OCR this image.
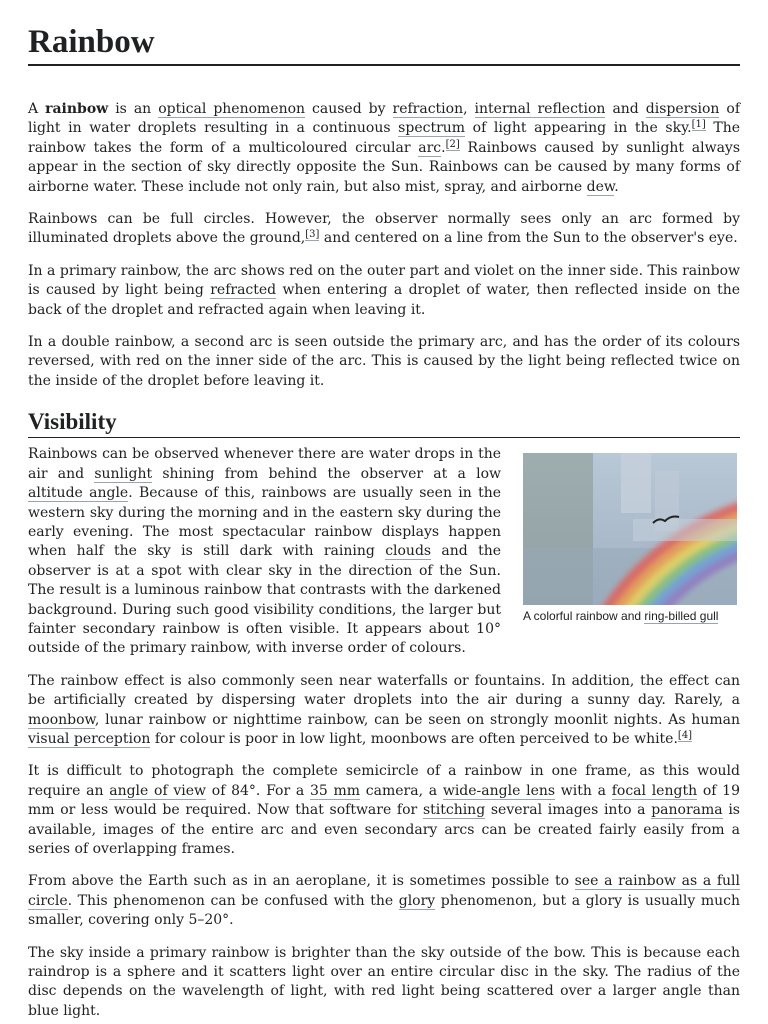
Rainbow

A rainbow is an optical phenomenon caused by refraction, internal reflection and dispersion of light in water droplets resulting in a continuous spectrum of light appearing in the sky.[1] The rainbow takes the form of a multicoloured circular arc.[2] Rainbows caused by sunlight always appear in the section of sky directly opposite the Sun. Rainbows can be caused by many forms of airborne water. These include not only rain, but also mist, spray, and airborne dew.

Rainbows can be full circles. However, the observer normally sees only an arc formed by illuminated droplets above the ground,[3] and centered on a line from the Sun to the observer's eye.

In a primary rainbow, the arc shows red on the outer part and violet on the inner side. This rainbow is caused by light being refracted when entering a droplet of water, then reflected inside on the back of the droplet and refracted again when leaving it.

In a double rainbow, a second arc is seen outside the primary arc, and has the order of its colours reversed, with red on the inner side of the arc. This is caused by the light being reflected twice on the inside of the droplet before leaving it.

Visibility
A colorful rainbow and ring-billed gull

Rainbows can be observed whenever there are water drops in the air and sunlight shining from behind the observer at a low altitude angle. Because of this, rainbows are usually seen in the western sky during the morning and in the eastern sky during the early evening. The most spectacular rainbow displays happen when half the sky is still dark with raining clouds and the observer is at a spot with clear sky in the direction of the Sun. The result is a luminous rainbow that contrasts with the darkened background. During such good visibility conditions, the larger but fainter secondary rainbow is often visible. It appears about 10° outside of the primary rainbow, with inverse order of colours.

The rainbow effect is also commonly seen near waterfalls or fountains. In addition, the effect can be artificially created by dispersing water droplets into the air during a sunny day. Rarely, a moonbow, lunar rainbow or nighttime rainbow, can be seen on strongly moonlit nights. As human visual perception for colour is poor in low light, moonbows are often perceived to be white.[4]

It is difficult to photograph the complete semicircle of a rainbow in one frame, as this would require an angle of view of 84°. For a 35 mm camera, a wide-angle lens with a focal length of 19 mm or less would be required. Now that software for stitching several images into a panorama is available, images of the entire arc and even secondary arcs can be created fairly easily from a series of overlapping frames.

From above the Earth such as in an aeroplane, it is sometimes possible to see a rainbow as a full circle. This phenomenon can be confused with the glory phenomenon, but a glory is usually much smaller, covering only 5–20°.

The sky inside a primary rainbow is brighter than the sky outside of the bow. This is because each raindrop is a sphere and it scatters light over an entire circular disc in the sky. The radius of the disc depends on the wavelength of light, with red light being scattered over a larger angle than blue light.
